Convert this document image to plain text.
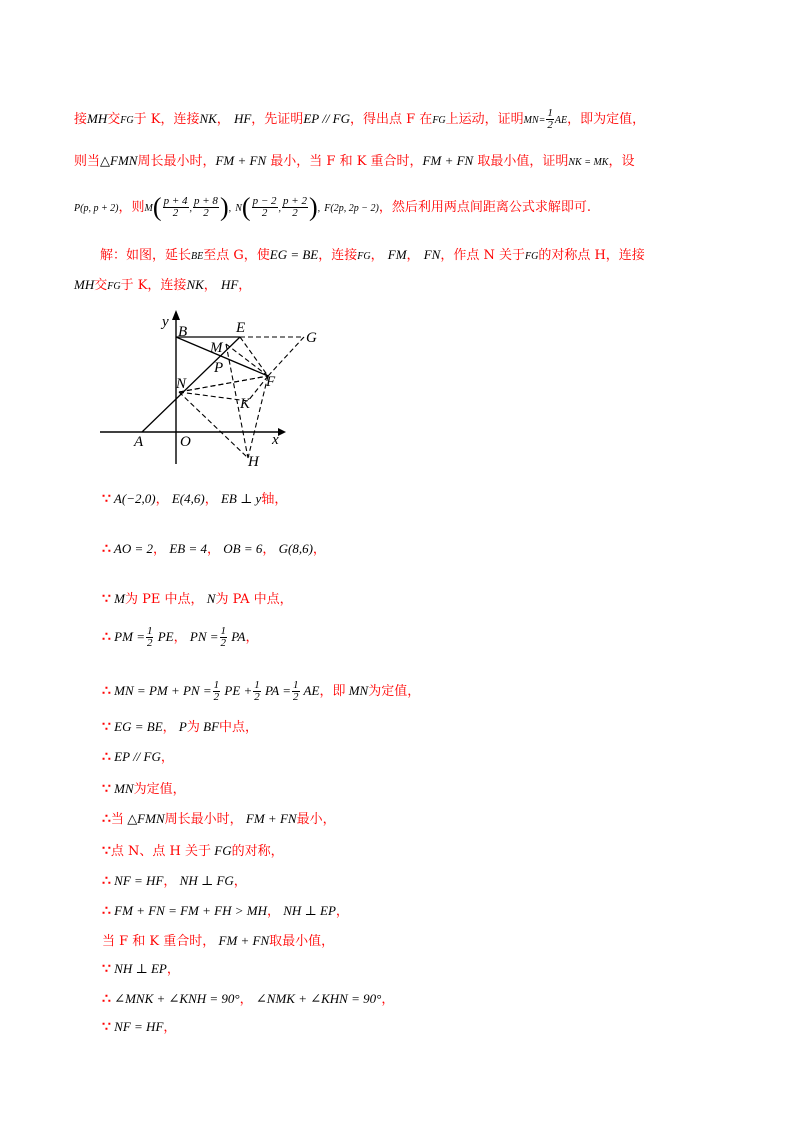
接MH交FG于 K，连接NK， HF，先证明EP // FG，得出点 F 在FG上运动，证明$MN= \frac{1}{2}$ AE，即为定值，
则当△FMN周长最小时，FM + FN 最小，当 F 和 K 重合时，FM + FN 取最小值，证明NK = MK，设
P(p, p + 2)，则$M( \frac{p + 4}{2}$ , $\frac{p + 8}{2}$ ), $N( \frac{p - 2}{2}$ , $\frac{p + 2}{2}$ ), F(2p, 2p − 2)，然后利用两点间距离公式求解即可.
解：如图，延长BE至点 G，使EG = BE，连接FG， FM， FN，作点 N 关于FG的对称点 H，连接
MH交FG于 K，连接NK， HF，
y
B	E
G
M
P
N	F
K
A O	x
H
∵ A(−2,0)， E(4,6)， EB ⊥ y轴，
∴ AO = 2， EB = 4， OB = 6， G(8,6)，
∵ M为 PE 中点， N为 PA 中点，
∴ PM = $\frac{1}{2}$ PE， PN = $\frac{1}{2}$ PA，
∴ MN = PM + PN = $\frac{1}{2}$ PE + $\frac{1}{2}$ PA = $\frac{1}{2}$ AE，即 MN为定值，
∵ EG = BE， P为 BF中点，
∴ EP // FG，
∵ MN为定值，
∴当 △FMN周长最小时， FM + FN最小，
∵点 N、点 H 关于 FG的对称，
∴ NF = HF， NH ⊥ FG，
∴ FM + FN = FM + FH > MH， NH ⊥ EP，
当 F 和 K 重合时， FM + FN取最小值，
∵ NH ⊥ EP，
∴ ∠MNK + ∠KNH = 90°， ∠NMK + ∠KHN = 90°，
∵ NF = HF，
